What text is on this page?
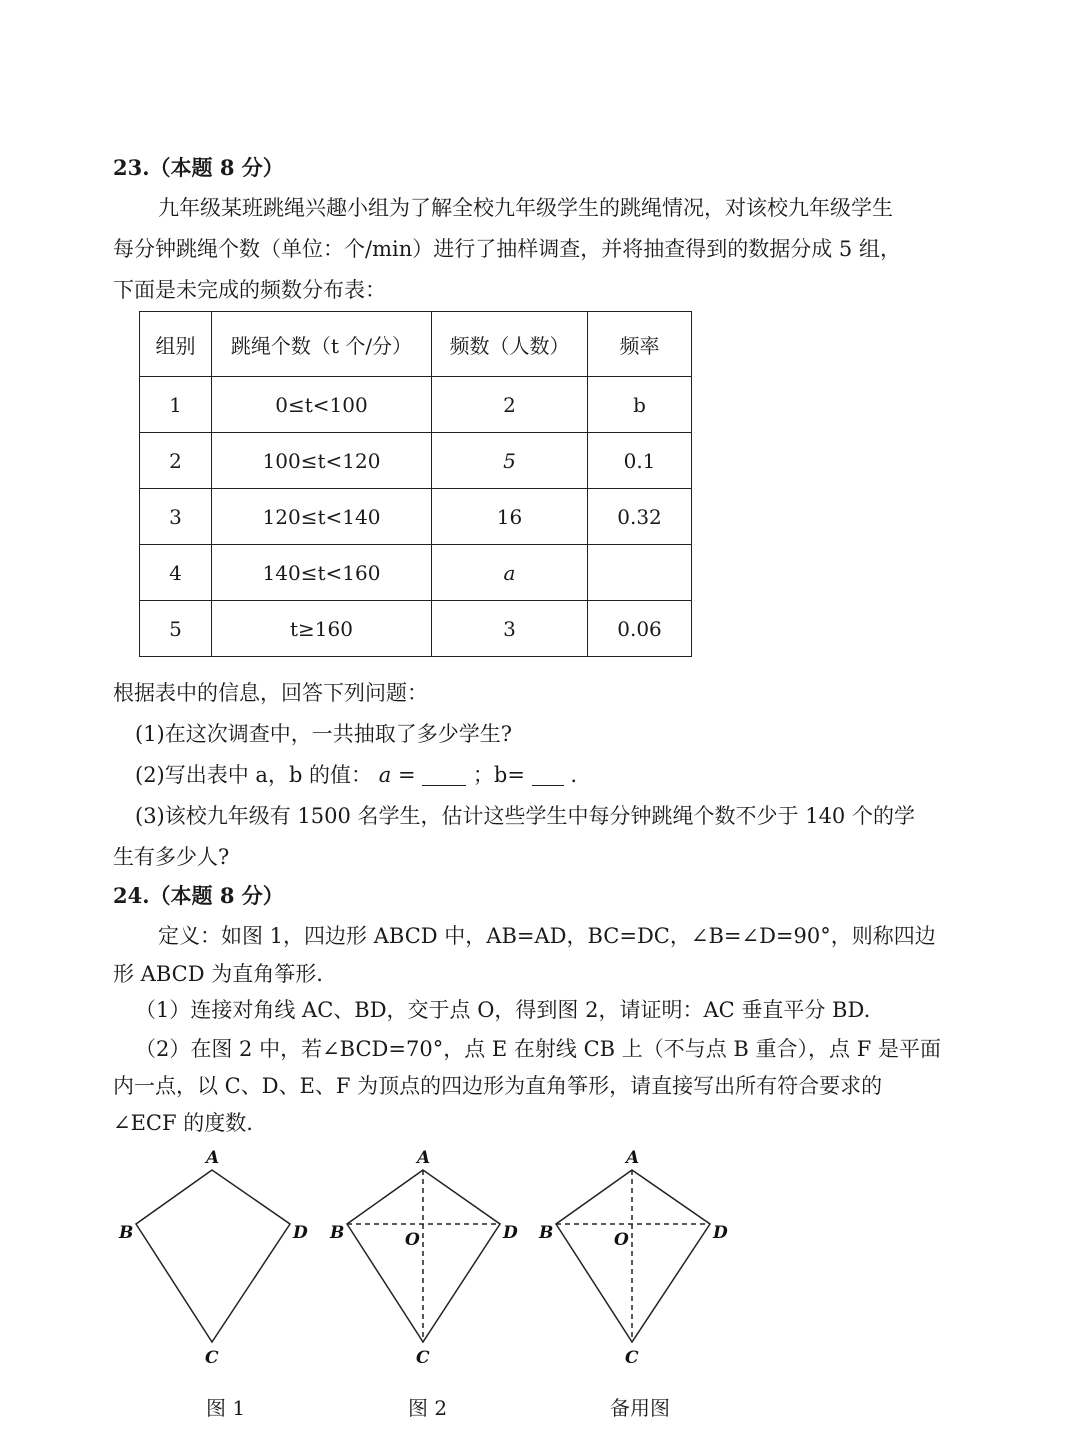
23.（本题 8 分）
九年级某班跳绳兴趣小组为了解全校九年级学生的跳绳情况，对该校九年级学生
每分钟跳绳个数（单位：个/min）进行了抽样调查，并将抽查得到的数据分成 5 组，
下面是未完成的频数分布表：
组别	跳绳个数（t 个/分）	频数（人数）	频率
1	0≤t<100	2	b
2	100≤t<120	5	0.1
3	120≤t<140	16	0.32
4	140≤t<160	a	
5	t≥160	3	0.06
根据表中的信息，回答下列问题：
(1)在这次调查中，一共抽取了多少学生?
(2)写出表中 a，b 的值： a =	；b= .
(3)该校九年级有 1500 名学生，估计这些学生中每分钟跳绳个数不少于 140 个的学
生有多少人?
24.（本题 8 分）
定义：如图 1，四边形 ABCD 中，AB=AD，BC=DC，∠B=∠D=90°，则称四边
形 ABCD 为直角筝形.
（1）连接对角线 AC、BD，交于点 O，得到图 2，请证明：AC 垂直平分 BD.
（2）在图 2 中，若∠BCD=70°，点 E 在射线 CB 上（不与点 B 重合），点 F 是平面
内一点，以 C、D、E、F 为顶点的四边形为直角筝形，请直接写出所有符合要求的
∠ECF 的度数.
A
B	D
C
A
B	D
O
C
A
B	D
O
C
图 1	图 2	备用图
